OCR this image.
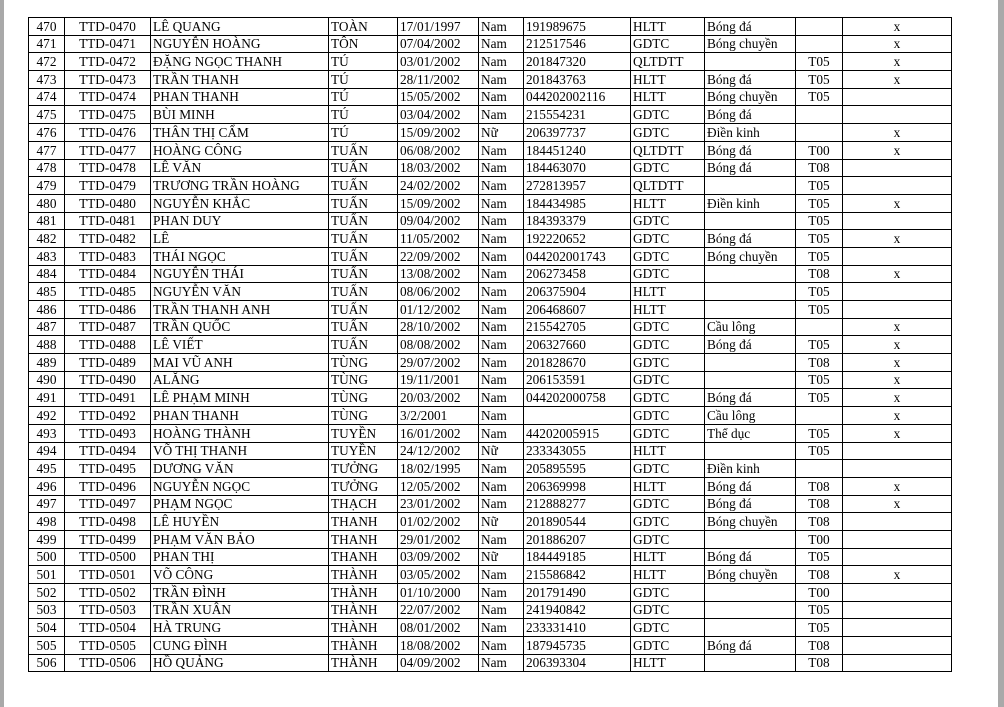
470	TTD-0470	LÊ QUANG	TOÀN	17/01/1997	Nam	191989675	HLTT	Bóng đá		x
471	TTD-0471	NGUYỄN HOÀNG	TÔN	07/04/2002	Nam	212517546	GDTC	Bóng chuyền		x
472	TTD-0472	ĐẶNG NGỌC THANH	TÚ	03/01/2002	Nam	201847320	QLTDTT		T05	x
473	TTD-0473	TRẦN THANH	TÚ	28/11/2002	Nam	201843763	HLTT	Bóng đá	T05	x
474	TTD-0474	PHAN THANH	TÚ	15/05/2002	Nam	044202002116	HLTT	Bóng chuyền	T05	
475	TTD-0475	BÙI MINH	TÚ	03/04/2002	Nam	215554231	GDTC	Bóng đá		
476	TTD-0476	THÂN THỊ CẨM	TÚ	15/09/2002	Nữ	206397737	GDTC	Điền kinh		x
477	TTD-0477	HOÀNG CÔNG	TUẤN	06/08/2002	Nam	184451240	QLTDTT	Bóng đá	T00	x
478	TTD-0478	LÊ VĂN	TUẤN	18/03/2002	Nam	184463070	GDTC	Bóng đá	T08	
479	TTD-0479	TRƯƠNG TRẦN HOÀNG	TUẤN	24/02/2002	Nam	272813957	QLTDTT		T05	
480	TTD-0480	NGUYỄN KHẮC	TUẤN	15/09/2002	Nam	184434985	HLTT	Điền kinh	T05	x
481	TTD-0481	PHAN DUY	TUẤN	09/04/2002	Nam	184393379	GDTC		T05	
482	TTD-0482	LÊ	TUẤN	11/05/2002	Nam	192220652	GDTC	Bóng đá	T05	x
483	TTD-0483	THÁI NGỌC	TUẤN	22/09/2002	Nam	044202001743	GDTC	Bóng chuyền	T05	
484	TTD-0484	NGUYỄN THÁI	TUẤN	13/08/2002	Nam	206273458	GDTC		T08	x
485	TTD-0485	NGUYỄN VĂN	TUẤN	08/06/2002	Nam	206375904	HLTT		T05	
486	TTD-0486	TRẦN THANH ANH	TUẤN	01/12/2002	Nam	206468607	HLTT		T05	
487	TTD-0487	TRẦN QUỐC	TUẤN	28/10/2002	Nam	215542705	GDTC	Cầu lông		x
488	TTD-0488	LÊ VIẾT	TUẤN	08/08/2002	Nam	206327660	GDTC	Bóng đá	T05	x
489	TTD-0489	MAI VŨ ANH	TÙNG	29/07/2002	Nam	201828670	GDTC		T08	x
490	TTD-0490	ALĂNG	TÙNG	19/11/2001	Nam	206153591	GDTC		T05	x
491	TTD-0491	LÊ PHẠM MINH	TÙNG	20/03/2002	Nam	044202000758	GDTC	Bóng đá	T05	x
492	TTD-0492	PHAN THANH	TÙNG	3/2/2001	Nam		GDTC	Cầu lông		x
493	TTD-0493	HOÀNG THÀNH	TUYỀN	16/01/2002	Nam	44202005915	GDTC	Thể dục	T05	x
494	TTD-0494	VÕ THỊ THANH	TUYỀN	24/12/2002	Nữ	233343055	HLTT		T05	
495	TTD-0495	DƯƠNG VĂN	TƯỞNG	18/02/1995	Nam	205895595	GDTC	Điền kinh		
496	TTD-0496	NGUYỄN NGỌC	TƯỞNG	12/05/2002	Nam	206369998	HLTT	Bóng đá	T08	x
497	TTD-0497	PHẠM NGỌC	THẠCH	23/01/2002	Nam	212888277	GDTC	Bóng đá	T08	x
498	TTD-0498	LÊ HUYỀN	THANH	01/02/2002	Nữ	201890544	GDTC	Bóng chuyền	T08	
499	TTD-0499	PHẠM VĂN BẢO	THANH	29/01/2002	Nam	201886207	GDTC		T00	
500	TTD-0500	PHAN THỊ	THANH	03/09/2002	Nữ	184449185	HLTT	Bóng đá	T05	
501	TTD-0501	VÕ CÔNG	THÀNH	03/05/2002	Nam	215586842	HLTT	Bóng chuyền	T08	x
502	TTD-0502	TRẦN ĐÌNH	THÀNH	01/10/2000	Nam	201791490	GDTC		T00	
503	TTD-0503	TRẦN XUÂN	THÀNH	22/07/2002	Nam	241940842	GDTC		T05	
504	TTD-0504	HÀ TRUNG	THÀNH	08/01/2002	Nam	233331410	GDTC		T05	
505	TTD-0505	CUNG ĐÌNH	THÀNH	18/08/2002	Nam	187945735	GDTC	Bóng đá	T08	
506	TTD-0506	HỒ QUẢNG	THÀNH	04/09/2002	Nam	206393304	HLTT		T08	
